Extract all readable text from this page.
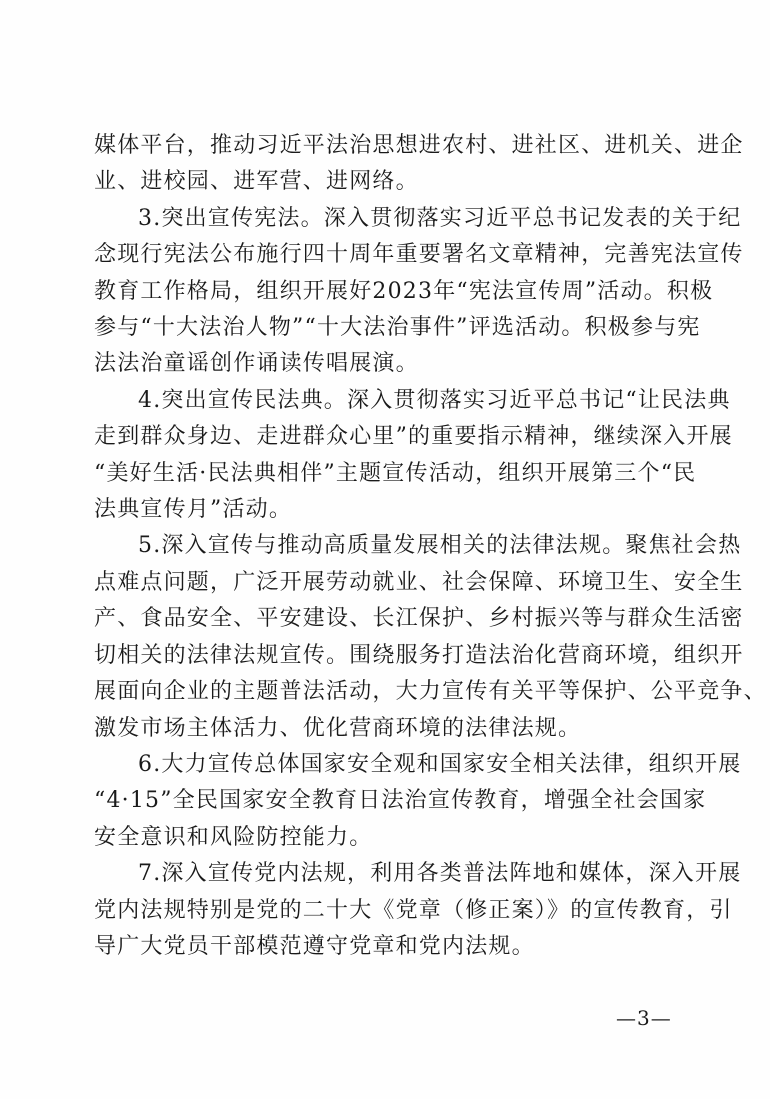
媒体平台，推动习近平法治思想进农村、进社区、进机关、进企
业、进校园、进军营、进网络。

3.突出宣传宪法。深入贯彻落实习近平总书记发表的关于纪
念现行宪法公布施行四十周年重要署名文章精神，完善宪法宣传
教育工作格局，组织开展好2023年“宪法宣传周”活动。积极
参与“十大法治人物”“十大法治事件”评选活动。积极参与宪
法法治童谣创作诵读传唱展演。

4.突出宣传民法典。深入贯彻落实习近平总书记“让民法典
走到群众身边、走进群众心里”的重要指示精神，继续深入开展
“美好生活·民法典相伴”主题宣传活动，组织开展第三个“民
法典宣传月”活动。

5.深入宣传与推动高质量发展相关的法律法规。聚焦社会热
点难点问题，广泛开展劳动就业、社会保障、环境卫生、安全生
产、食品安全、平安建设、长江保护、乡村振兴等与群众生活密
切相关的法律法规宣传。围绕服务打造法治化营商环境，组织开
展面向企业的主题普法活动，大力宣传有关平等保护、公平竞争、
激发市场主体活力、优化营商环境的法律法规。

6.大力宣传总体国家安全观和国家安全相关法律，组织开展
“4·15”全民国家安全教育日法治宣传教育，增强全社会国家
安全意识和风险防控能力。

7.深入宣传党内法规，利用各类普法阵地和媒体，深入开展
党内法规特别是党的二十大《党章（修正案）》的宣传教育，引
导广大党员干部模范遵守党章和党内法规。

—3—
